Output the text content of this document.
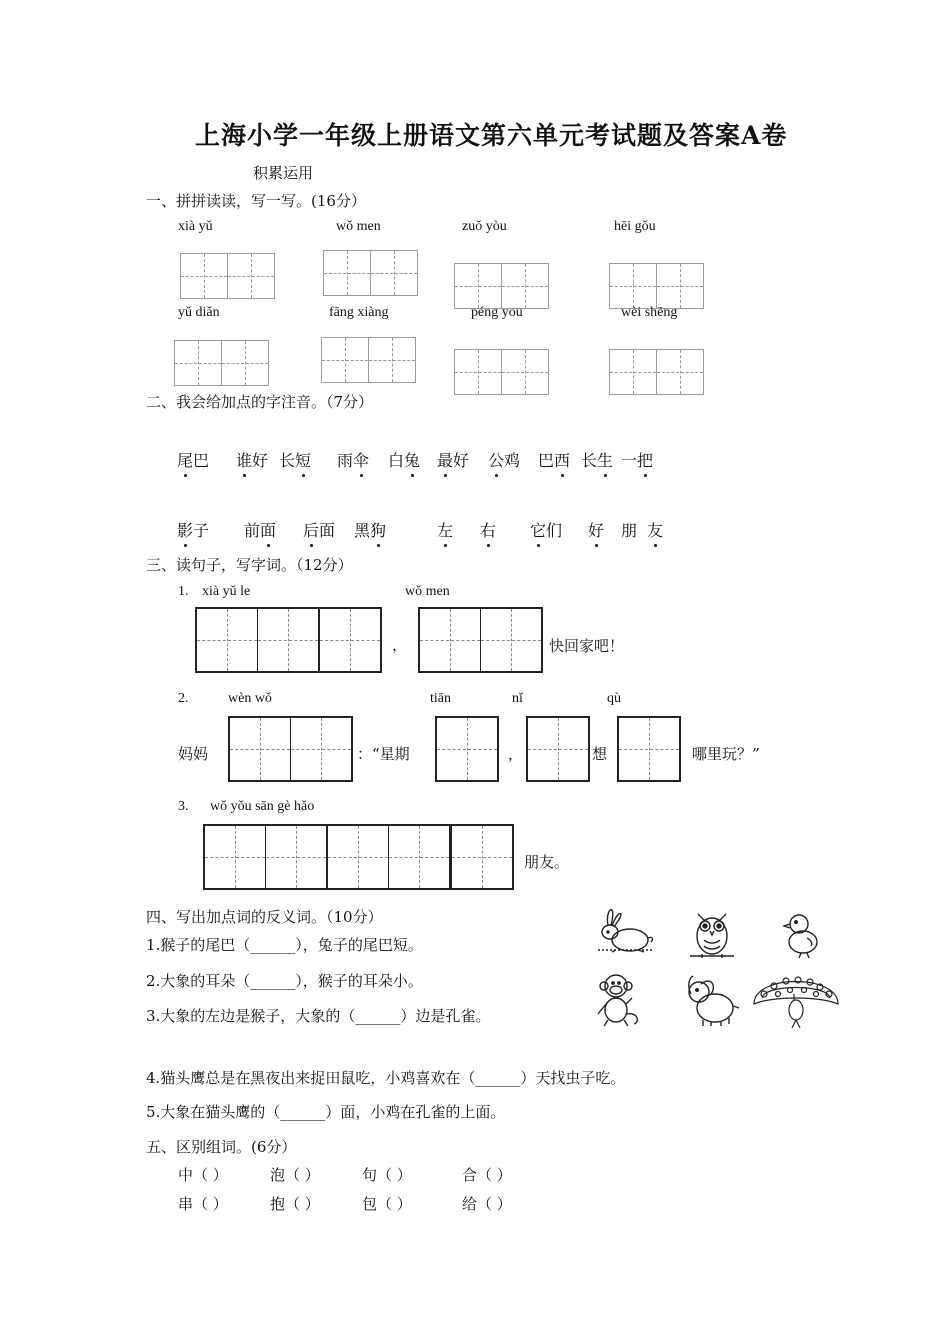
上海小学一年级上册语文第六单元考试题及答案A卷
积累运用
一、拼拼读读，写一写。(16分）
xià yǔ	wǒ men	zuǒ yòu	hēi gǒu
yǔ diǎn	fāng xiàng	péng you	wèi shēng
二、我会给加点的字注音。（7分）
尾巴 谁好 长短 雨伞 白兔 最好 公鸡 巴西 长生 一把
影子 前面 后面 黑狗	左 右 它们 好 朋 友
三、读句子，写字词。（12分）
1. xià yǔ le	wǒ men
，	快回家吧！
2.	wèn wǒ	tiān	nǐ	qù
妈妈	：“星期	，	想	哪里玩？”
3. wǒ yǒu sān gè hǎo
朋友。
四、写出加点词的反义词。（10分）
1.猴子的尾巴（______），兔子的尾巴短。
2.大象的耳朵（______），猴子的耳朵小。
3.大象的左边是猴子，大象的（______）边是孔雀。
4.猫头鹰总是在黑夜出来捉田鼠吃，小鸡喜欢在（______）天找虫子吃。
5.大象在猫头鹰的（______）面，小鸡在孔雀的上面。
五、区别组词。(6分）
中（ ）	泡（ ）	句（ ）	合（ ）
串（ ）	抱（ ）	包（ ）	给（ ）
